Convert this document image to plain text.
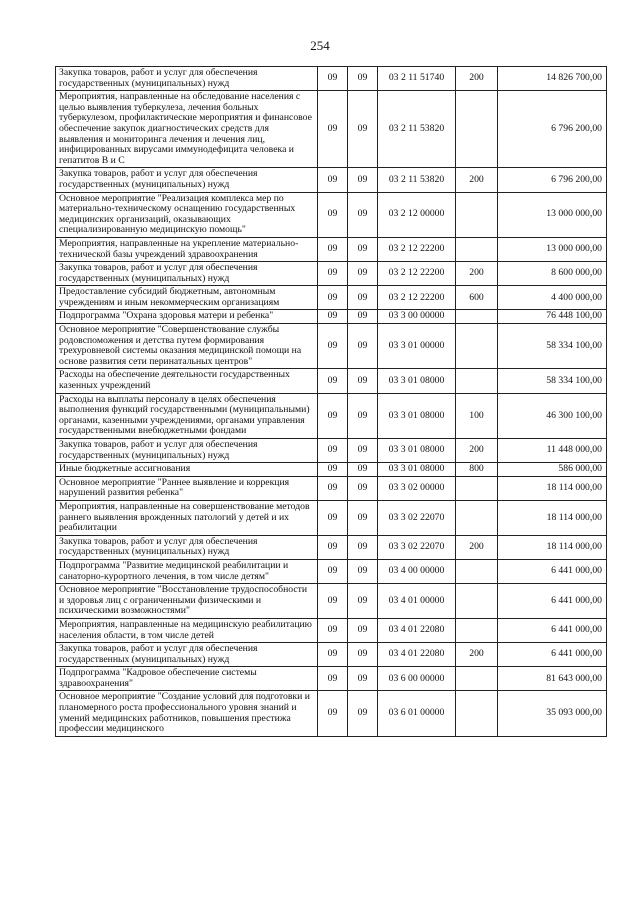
254
Закупка товаров, работ и услуг для обеспечения государственных (муниципальных) нужд	09	09	03 2 11 51740	200	14 826 700,00
Мероприятия, направленные на обследование населения с целью выявления туберкулеза, лечения больных туберкулезом, профилактические мероприятия и финансовое обеспечение закупок диагностических средств для выявления и мониторинга лечения и лечения лиц, инфицированных вирусами иммунодефицита человека и гепатитов В и С	09	09	03 2 11 53820		6 796 200,00
Закупка товаров, работ и услуг для обеспечения государственных (муниципальных) нужд	09	09	03 2 11 53820	200	6 796 200,00
Основное мероприятие "Реализация комплекса мер по материально-техническому оснащению государственных медицинских организаций, оказывающих специализированную медицинскую помощь"	09	09	03 2 12 00000		13 000 000,00
Мероприятия, направленные на укрепление материально-технической базы учреждений здравоохранения	09	09	03 2 12 22200		13 000 000,00
Закупка товаров, работ и услуг для обеспечения государственных (муниципальных) нужд	09	09	03 2 12 22200	200	8 600 000,00
Предоставление субсидий бюджетным, автономным учреждениям и иным некоммерческим организациям	09	09	03 2 12 22200	600	4 400 000,00
Подпрограмма "Охрана здоровья матери и ребенка"	09	09	03 3 00 00000		76 448 100,00
Основное мероприятие "Совершенствование службы родовспоможения и детства путем формирования трехуровневой системы оказания медицинской помощи на основе развития сети перинатальных центров"	09	09	03 3 01 00000		58 334 100,00
Расходы на обеспечение деятельности государственных казенных учреждений	09	09	03 3 01 08000		58 334 100,00
Расходы на выплаты персоналу в целях обеспечения выполнения функций государственными (муниципальными) органами, казенными учреждениями, органами управления государственными внебюджетными фондами	09	09	03 3 01 08000	100	46 300 100,00
Закупка товаров, работ и услуг для обеспечения государственных (муниципальных) нужд	09	09	03 3 01 08000	200	11 448 000,00
Иные бюджетные ассигнования	09	09	03 3 01 08000	800	586 000,00
Основное мероприятие "Раннее выявление и коррекция нарушений развития ребенка"	09	09	03 3 02 00000		18 114 000,00
Мероприятия, направленные на совершенствование методов раннего выявления врожденных патологий у детей и их реабилитации	09	09	03 3 02 22070		18 114 000,00
Закупка товаров, работ и услуг для обеспечения государственных (муниципальных) нужд	09	09	03 3 02 22070	200	18 114 000,00
Подпрограмма "Развитие медицинской реабилитации и санаторно-курортного лечения, в том числе детям"	09	09	03 4 00 00000		6 441 000,00
Основное мероприятие "Восстановление трудоспособности и здоровья лиц с ограниченными физическими и психическими возможностями"	09	09	03 4 01 00000		6 441 000,00
Мероприятия, направленные на медицинскую реабилитацию населения области, в том числе детей	09	09	03 4 01 22080		6 441 000,00
Закупка товаров, работ и услуг для обеспечения государственных (муниципальных) нужд	09	09	03 4 01 22080	200	6 441 000,00
Подпрограмма "Кадровое обеспечение системы здравоохранения"	09	09	03 6 00 00000		81 643 000,00
Основное мероприятие "Создание условий для подготовки и планомерного роста профессионального уровня знаний и умений медицинских работников, повышения престижа профессии медицинского	09	09	03 6 01 00000		35 093 000,00
